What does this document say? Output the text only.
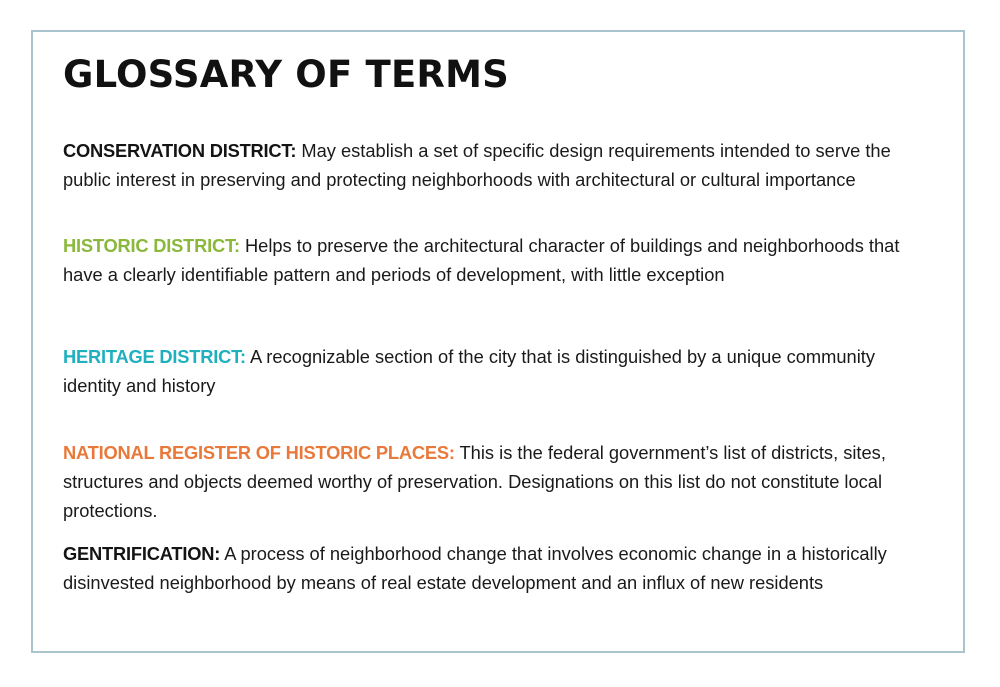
GLOSSARY OF TERMS

CONSERVATION DISTRICT: May establish a set of specific design requirements intended to serve the public interest in preserving and protecting neighborhoods with architectural or cultural importance

HISTORIC DISTRICT: Helps to preserve the architectural character of buildings and neighborhoods that have a clearly identifiable pattern and periods of development, with little exception

HERITAGE DISTRICT: A recognizable section of the city that is distinguished by a unique community identity and history

NATIONAL REGISTER OF HISTORIC PLACES: This is the federal government’s list of districts, sites, structures and objects deemed worthy of preservation. Designations on this list do not constitute local protections.

GENTRIFICATION: A process of neighborhood change that involves economic change in a historically disinvested neighborhood by means of real estate development and an influx of new residents
